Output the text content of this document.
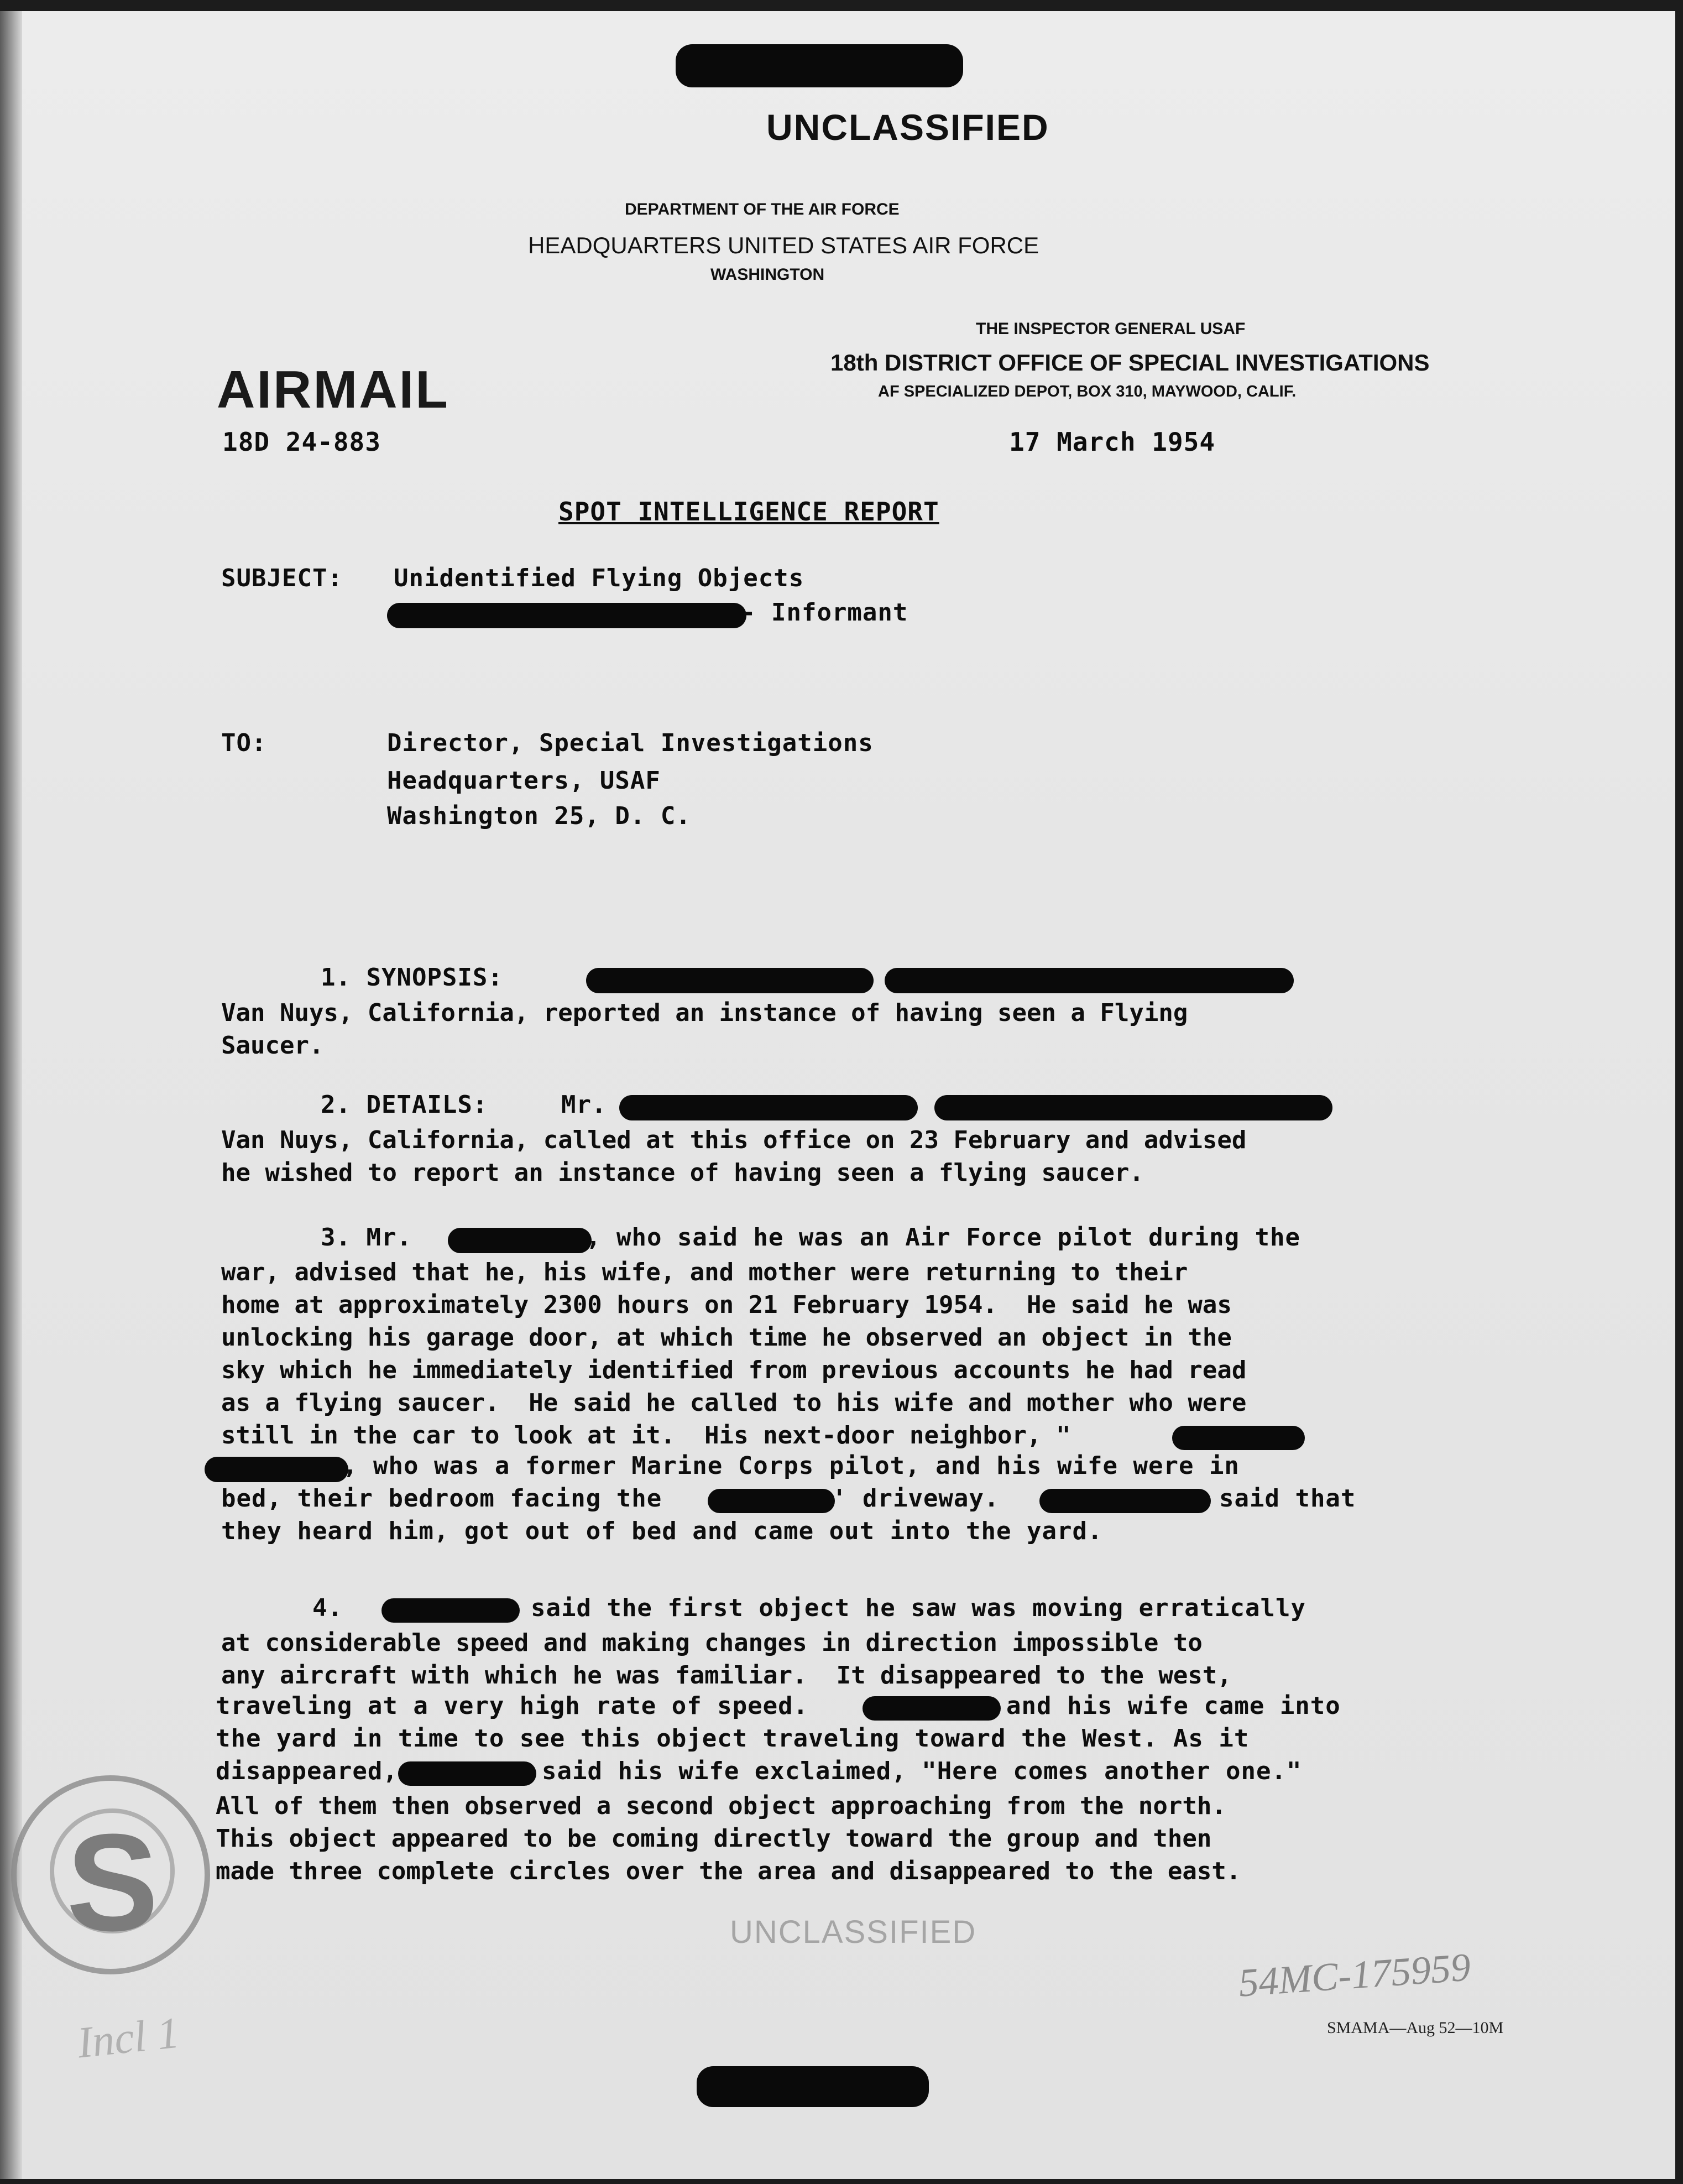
UNCLASSIFIED
DEPARTMENT OF THE AIR FORCE
HEADQUARTERS UNITED STATES AIR FORCE
WASHINGTON
THE INSPECTOR GENERAL USAF
18th DISTRICT OFFICE OF SPECIAL INVESTIGATIONS
AF SPECIALIZED DEPOT, BOX 310, MAYWOOD, CALIF.
AIRMAIL
18D 24-883	17 March 1954
SPOT INTELLIGENCE REPORT
SUBJECT: Unidentified Flying Objects
- Informant
TO:	Director, Special Investigations
Headquarters, USAF
Washington 25, D. C.
1. SYNOPSIS:
Van Nuys, California, reported an instance of having seen a Flying
Saucer.
2. DETAILS:	Mr.
Van Nuys, California, called at this office on 23 February and advised
he wished to report an instance of having seen a flying saucer.
3. Mr.	, who said he was an Air Force pilot during the
war, advised that he, his wife, and mother were returning to their
home at approximately 2300 hours on 21 February 1954.  He said he was
unlocking his garage door, at which time he observed an object in the
sky which he immediately identified from previous accounts he had read
as a flying saucer.  He said he called to his wife and mother who were
still in the car to look at it.  His next-door neighbor, "
, who was a former Marine Corps pilot, and his wife were in
bed, their bedroom facing the	' driveway.	said that
they heard him, got out of bed and came out into the yard.
4.	said the first object he saw was moving erratically
at considerable speed and making changes in direction impossible to
any aircraft with which he was familiar.  It disappeared to the west,
traveling at a very high rate of speed.	and his wife came into
the yard in time to see this object traveling toward the West. As it
disappeared,	said his wife exclaimed, "Here comes another one."
All of them then observed a second object approaching from the north.
This object appeared to be coming directly toward the group and then
made three complete circles over the area and disappeared to the east.
S	UNCLASSIFIED
54MC-175959
Incl 1	SMAMA—Aug 52—10M
